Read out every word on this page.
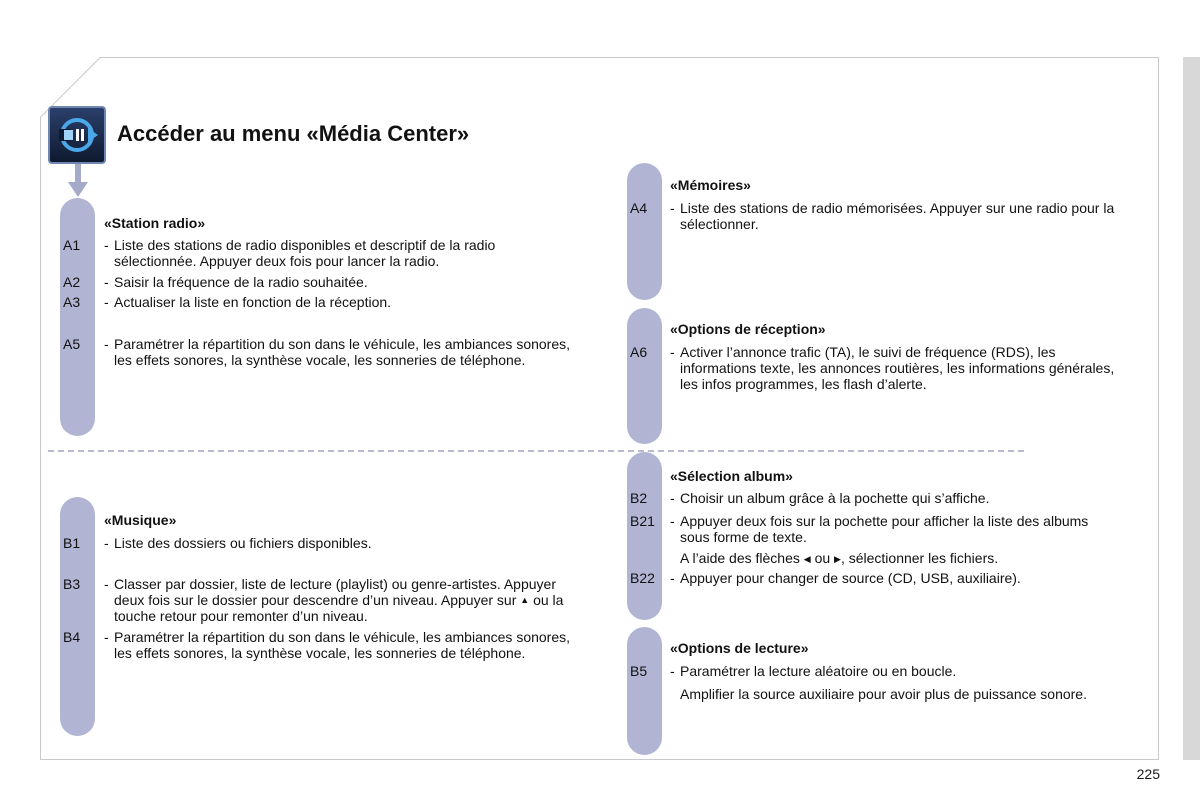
Accéder au menu «Média Center»
«Station radio»
A1 - Liste des stations de radio disponibles et descriptif de la radio sélectionnée. Appuyer deux fois pour lancer la radio.
A2 - Saisir la fréquence de la radio souhaitée.
A3 - Actualiser la liste en fonction de la réception.
A5 - Paramétrer la répartition du son dans le véhicule, les ambiances sonores, les effets sonores, la synthèse vocale, les sonneries de téléphone.
«Musique»
B1 - Liste des dossiers ou fichiers disponibles.
B3 - Classer par dossier, liste de lecture (playlist) ou genre-artistes. Appuyer deux fois sur le dossier pour descendre d’un niveau. Appuyer sur ▲ ou la touche retour pour remonter d’un niveau.
B4 - Paramétrer la répartition du son dans le véhicule, les ambiances sonores, les effets sonores, la synthèse vocale, les sonneries de téléphone.
«Mémoires»
A4 - Liste des stations de radio mémorisées. Appuyer sur une radio pour la sélectionner.
«Options de réception»
A6 - Activer l’annonce trafic (TA), le suivi de fréquence (RDS), les informations texte, les annonces routières, les informations générales, les infos programmes, les flash d’alerte.
«Sélection album»
B2 - Choisir un album grâce à la pochette qui s’affiche.
B21 - Appuyer deux fois sur la pochette pour afficher la liste des albums sous forme de texte.
A l’aide des flèches ◀ ou ▶, sélectionner les fichiers.
B22 - Appuyer pour changer de source (CD, USB, auxiliaire).
«Options de lecture»
B5 - Paramétrer la lecture aléatoire ou en boucle.
Amplifier la source auxiliaire pour avoir plus de puissance sonore.
225
